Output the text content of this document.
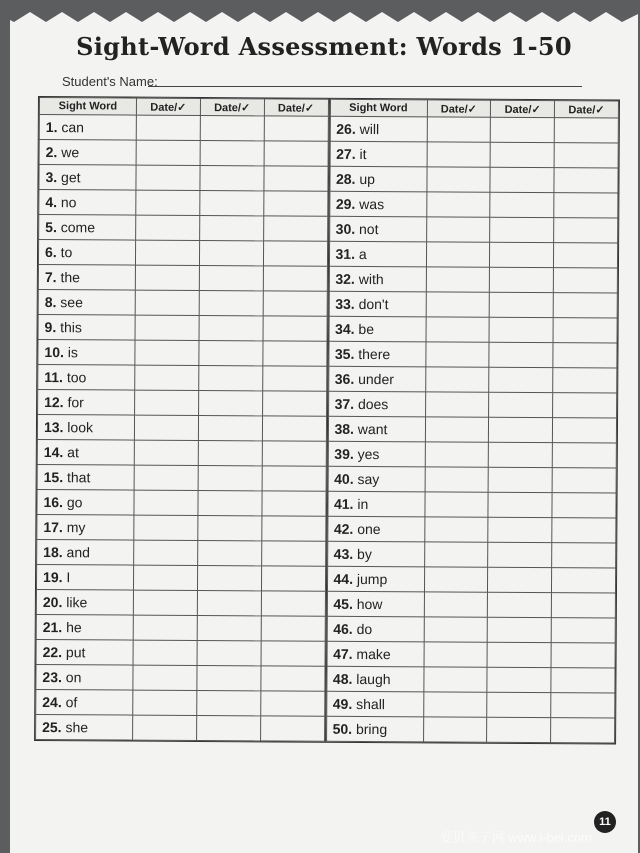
Sight-Word Assessment: Words 1-50
Student's Name:
Sight Word	Date/✓	Date/✓	Date/✓
1. can			
2. we			
3. get			
4. no			
5. come			
6. to			
7. the			
8. see			
9. this			
10. is			
11. too			
12. for			
13. look			
14. at			
15. that			
16. go			
17. my			
18. and			
19. I			
20. like			
21. he			
22. put			
23. on			
24. of			
25. she			
Sight Word	Date/✓	Date/✓	Date/✓
26. will			
27. it			
28. up			
29. was			
30. not			
31. a			
32. with			
33. don't			
34. be			
35. there			
36. under			
37. does			
38. want			
39. yes			
40. say			
41. in			
42. one			
43. by			
44. jump			
45. how			
46. do			
47. make			
48. laugh			
49. shall			
50. bring			
11
爱贝亲子网 www.i-bei.com
